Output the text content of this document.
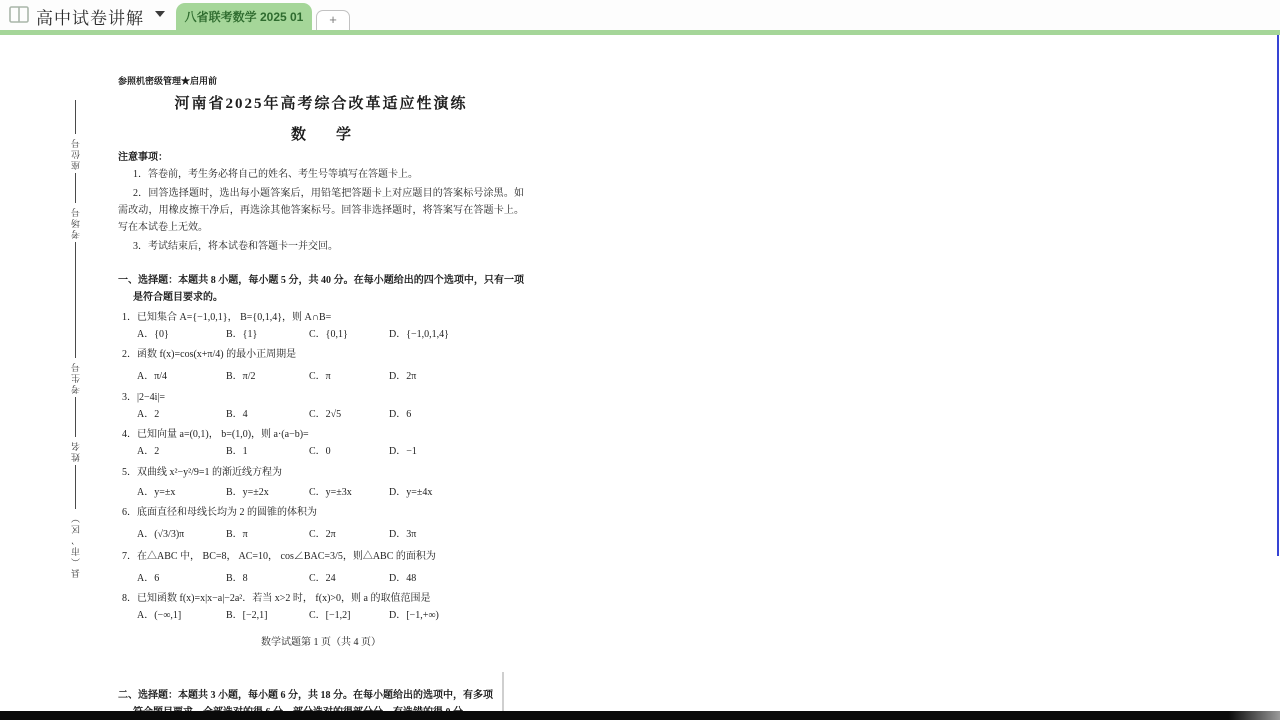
高中试卷讲解	八省联考数学 2025 01	+
座位号
考场号
考生号
姓名
县（市、区）
参照机密级管理★启用前
河南省2025年高考综合改革适应性演练
数　　学
注意事项：
1．答卷前，考生务必将自己的姓名、考生号等填写在答题卡上。
2．回答选择题时，选出每小题答案后，用铅笔把答题卡上对应题目的答案标号涂黑。如需改动，用橡皮擦干净后，再选涂其他答案标号。回答非选择题时，将答案写在答题卡上。写在本试卷上无效。
3．考试结束后，将本试卷和答题卡一并交回。
一、选择题：本题共 8 小题，每小题 5 分，共 40 分。在每小题给出的四个选项中，只有一项是符合题目要求的。
1． 已知集合 A={−1,0,1}， B={0,1,4}，则 A∩B=
A．{0}	B．{1}	C．{0,1}	D．{−1,0,1,4}
2． 函数 f(x)=cos(x+π/4) 的最小正周期是
A．π/4	B．π/2	C．π	D．2π
3． |2−4i|=
A．2	B．4	C．2√5	D．6
4． 已知向量 a=(0,1)， b=(1,0)，则 a·(a−b)=
A．2	B．1	C．0	D．−1
5． 双曲线 x²−y²/9=1 的渐近线方程为
A．y=±x	B．y=±2x	C．y=±3x	D．y=±4x
6． 底面直径和母线长均为 2 的圆锥的体积为
A．(√3/3)π	B．π	C．2π	D．3π
7． 在△ABC 中， BC=8， AC=10， cos∠BAC=3/5，则△ABC 的面积为
A．6	B．8	C．24	D．48
8． 已知函数 f(x)=x|x−a|−2a²．若当 x>2 时， f(x)>0，则 a 的取值范围是
A．(−∞,1]	B．[−2,1]	C．[−1,2]	D．[−1,+∞)
数学试题第 1 页（共 4 页）
二、选择题：本题共 3 小题，每小题 6 分，共 18 分。在每小题给出的选项中，有多项
